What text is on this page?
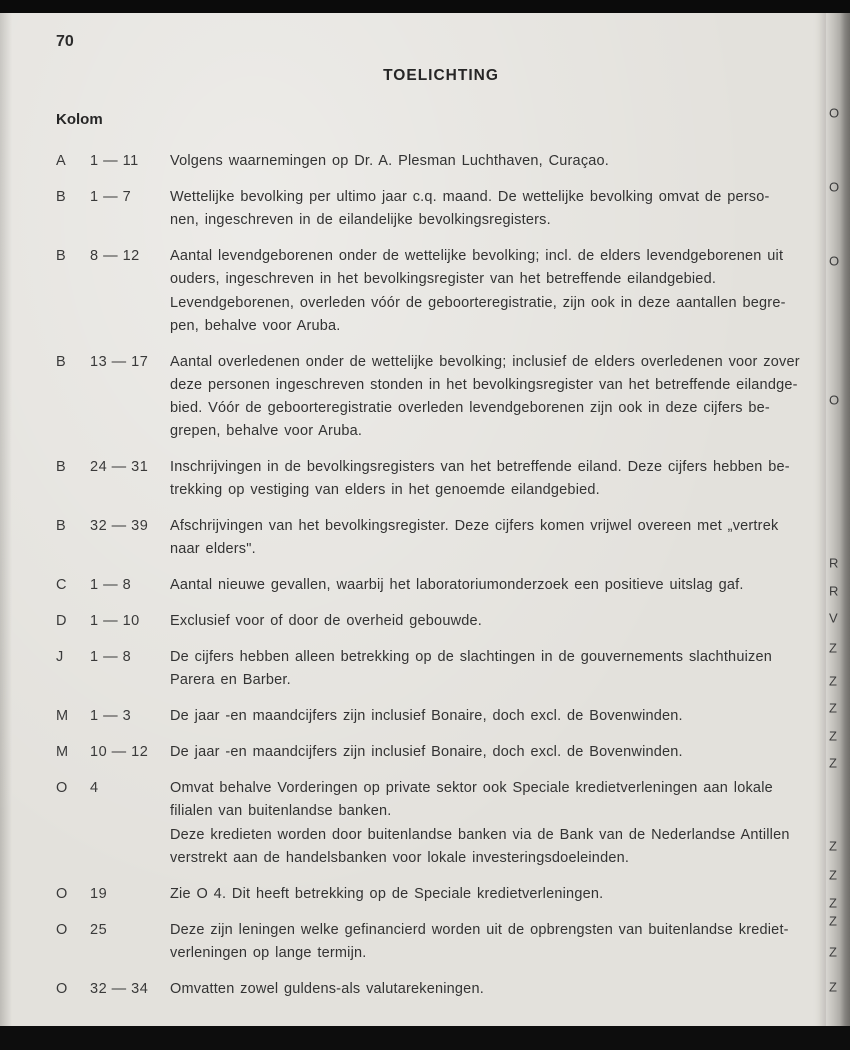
70
TOELICHTING
Kolom
A	1 — 11	Volgens waarnemingen op Dr. A. Plesman Luchthaven, Curaçao.
B	1 — 7	Wettelijke bevolking per ultimo jaar c.q. maand. De wettelijke bevolking omvat de perso-
nen, ingeschreven in de eilandelijke bevolkingsregisters.
B	8 — 12	Aantal levendgeborenen onder de wettelijke bevolking; incl. de elders levendgeborenen uit
ouders, ingeschreven in het bevolkingsregister van het betreffende eilandgebied.
Levendgeborenen, overleden vóór de geboorteregistratie, zijn ook in deze aantallen begre-
pen, behalve voor Aruba.
B	13 — 17	Aantal overledenen onder de wettelijke bevolking; inclusief de elders overledenen voor zover
deze personen ingeschreven stonden in het bevolkingsregister van het betreffende eilandge-
bied. Vóór de geboorteregistratie overleden levendgeborenen zijn ook in deze cijfers be-
grepen, behalve voor Aruba.
B	24 — 31	Inschrijvingen in de bevolkingsregisters van het betreffende eiland. Deze cijfers hebben be-
trekking op vestiging van elders in het genoemde eilandgebied.
B	32 — 39	Afschrijvingen van het bevolkingsregister. Deze cijfers komen vrijwel overeen met „vertrek
naar elders".
C	1 — 8	Aantal nieuwe gevallen, waarbij het laboratoriumonderzoek een positieve uitslag gaf.
D	1 — 10	Exclusief voor of door de overheid gebouwde.
J	1 — 8	De cijfers hebben alleen betrekking op de slachtingen in de gouvernements slachthuizen
Parera en Barber.
M	1 — 3	De jaar -en maandcijfers zijn inclusief Bonaire, doch excl. de Bovenwinden.
M	10 — 12	De jaar -en maandcijfers zijn inclusief Bonaire, doch excl. de Bovenwinden.
O	4	Omvat behalve Vorderingen op private sektor ook Speciale kredietverleningen aan lokale
filialen van buitenlandse banken.
Deze kredieten worden door buitenlandse banken via de Bank van de Nederlandse Antillen
verstrekt aan de handelsbanken voor lokale investeringsdoeleinden.
O	19	Zie O 4. Dit heeft betrekking op de Speciale kredietverleningen.
O	25	Deze zijn leningen welke gefinancierd worden uit de opbrengsten van buitenlandse krediet-
verleningen op lange termijn.
O	32 — 34	Omvatten zowel guldens-als valutarekeningen.
O
O
O
O
R
R
V
Z
Z
Z
Z
Z
Z
Z
Z
Z
Z
Z
